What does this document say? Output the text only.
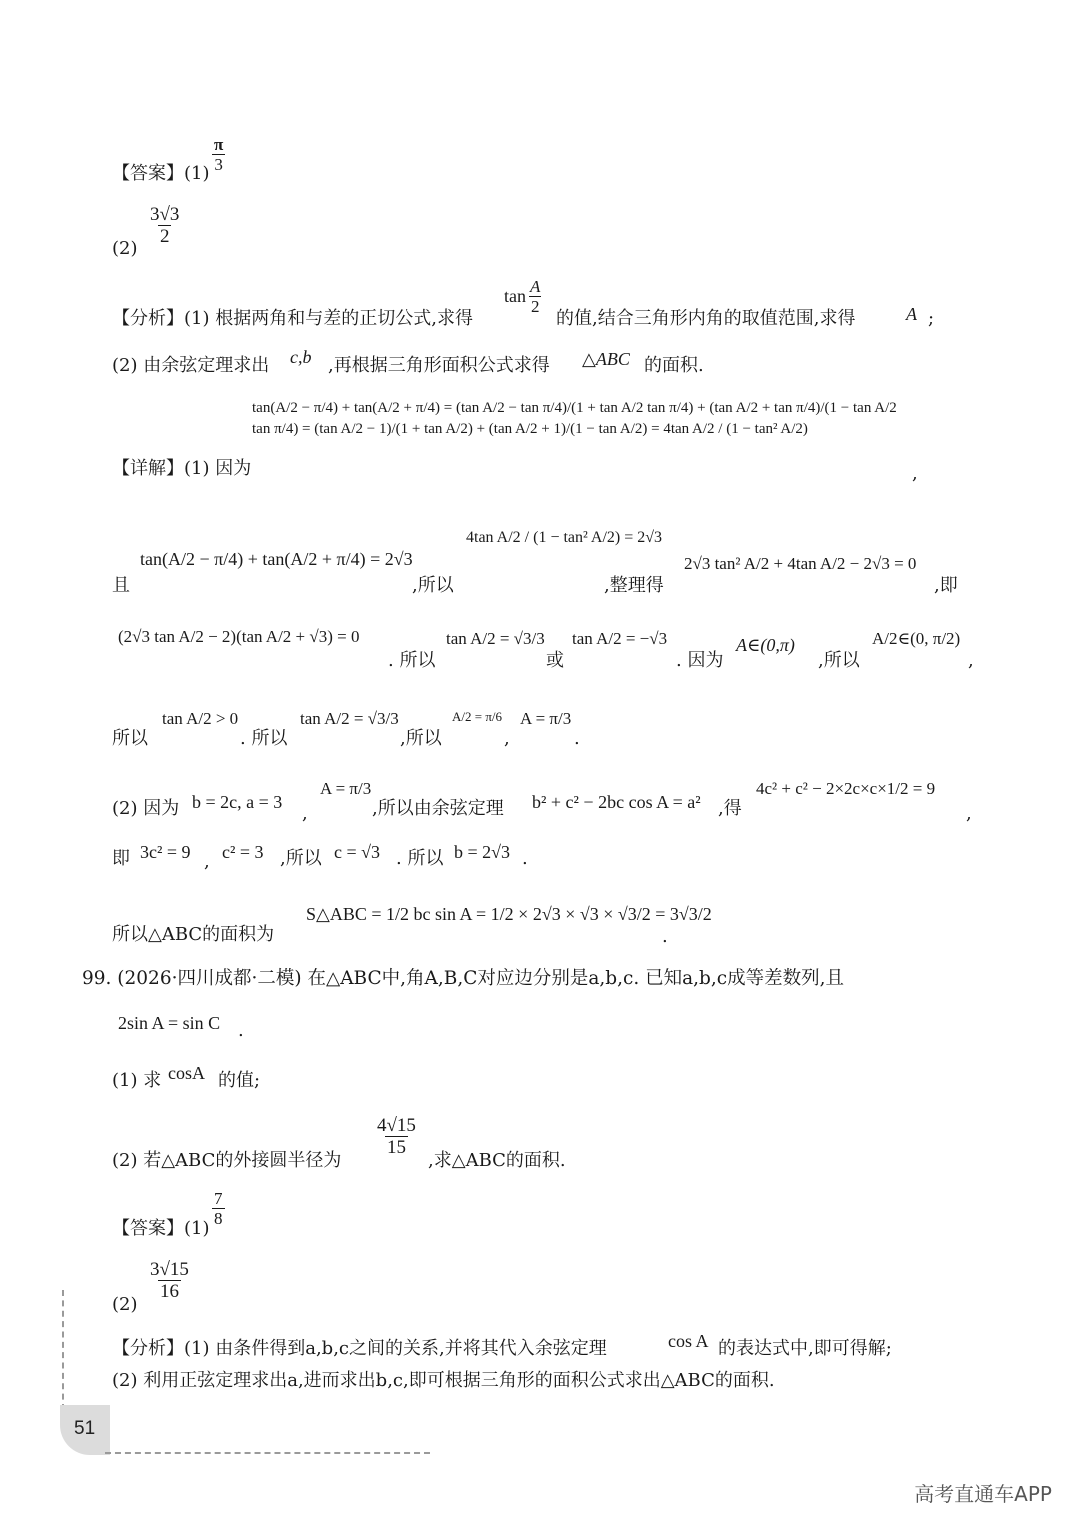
【答案】$(1) \frac{\pi}{3}$
(2)
$\frac{3√3}{2}$
【分析】(1) 根据两角和与差的正切公式,求得
$\tan \frac{A}{2}$
的值,结合三角形内角的取值范围,求得	A ;
(2) 由余弦定理求出 c,b ,再根据三角形面积公式求得 △ABC 的面积.
【详解】(1) 因为
tan(A/2 − π/4) + tan(A/2 + π/4) = (tan A/2 − tan π/4)/(1 + tan A/2 tan π/4) + (tan A/2 + tan π/4)/(1 − tan A/2 tan π/4) = (tan A/2 − 1)/(1 + tan A/2) + (tan A/2 + 1)/(1 − tan A/2) = 4tan A/2 / (1 − tan² A/2)
,
且
tan(A/2 − π/4) + tan(A/2 + π/4) = 2√3
,所以
4tan A/2 / (1 − tan² A/2) = 2√3
,整理得
2√3 tan² A/2 + 4tan A/2 − 2√3 = 0
,即
(2√3 tan A/2 − 2)(tan A/2 + √3) = 0
. 所以
tan A/2 = √3/3
或
tan A/2 = −√3
. 因为
A∈(0,π)
,所以
A/2∈(0, π/2)
,
所以
tan A/2 > 0
. 所以
tan A/2 = √3/3
,所以
A/2 = π/6
,
A = π/3
.
(2) 因为 b = 2c, a = 3
,
A = π/3
,所以由余弦定理 b² + c² − 2bc cos A = a² ,得
4c² + c² − 2×2c×c×1/2 = 9
,
即 3c² = 9 , c² = 3 ,所以 c = √3 . 所以 b = 2√3 .
所以△ABC的面积为
S△ABC = 1/2 bc sin A = 1/2 × 2√3 × √3 × √3/2 = 3√3/2
.
99. (2026·四川成都·二模) 在△ABC中,角A,B,C对应边分别是a,b,c. 已知a,b,c成等差数列,且
2sin A = sin C .
(1) 求 cosA 的值;
(2) 若△ABC的外接圆半径为
$\frac{4√15}{15}$
,求△ABC的面积.
【答案】(1)
$\frac{7}{8}$
(2)
$\frac{3√15}{16}$
【分析】(1) 由条件得到a,b,c之间的关系,并将其代入余弦定理	cos A 的表达式中,即可得解;
(2) 利用正弦定理求出a,进而求出b,c,即可根据三角形的面积公式求出△ABC的面积.
51
高考直通车APP
